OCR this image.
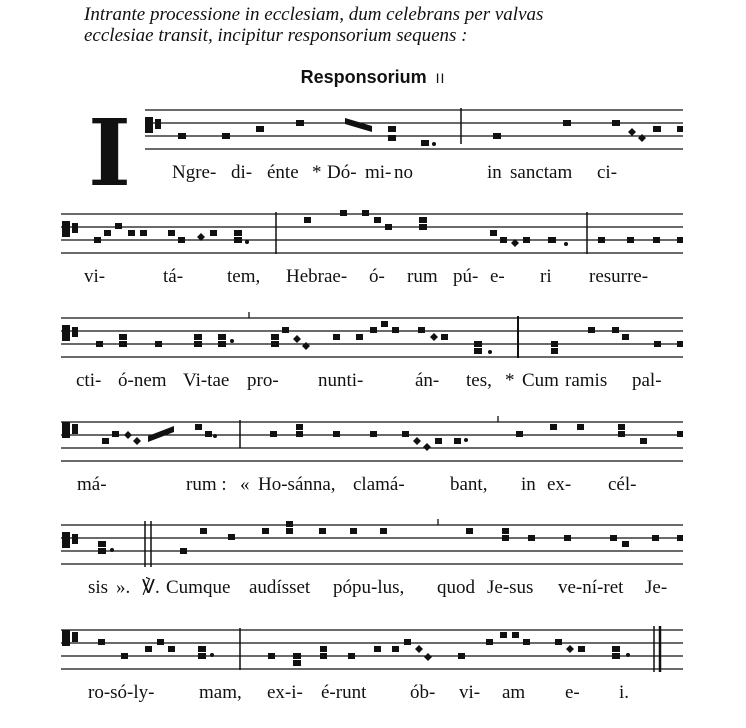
Intrante processione in ecclesiam, dum celebrans per valvas
ecclesiae transit, incipitur responsorium sequens :

Responsorium II

I Ngre- di- énte * Dó- mi- no	in sanctam ci-
vi-	tá- tem, Hebrae- ó- rum pú- e- ri resurre-
cti- ó-nem Vi-tae pro- nunti-	án- tes, * Cum ramis pal-
má-	rum : « Ho-sánna, clamá- bant, in ex- cél-
sis ». ℣. Cumque audísset pópu-lus, quod Je-sus ve-ní-ret Je-
ro-só-ly- mam, ex-i- é-runt ób- vi- am e- i.
